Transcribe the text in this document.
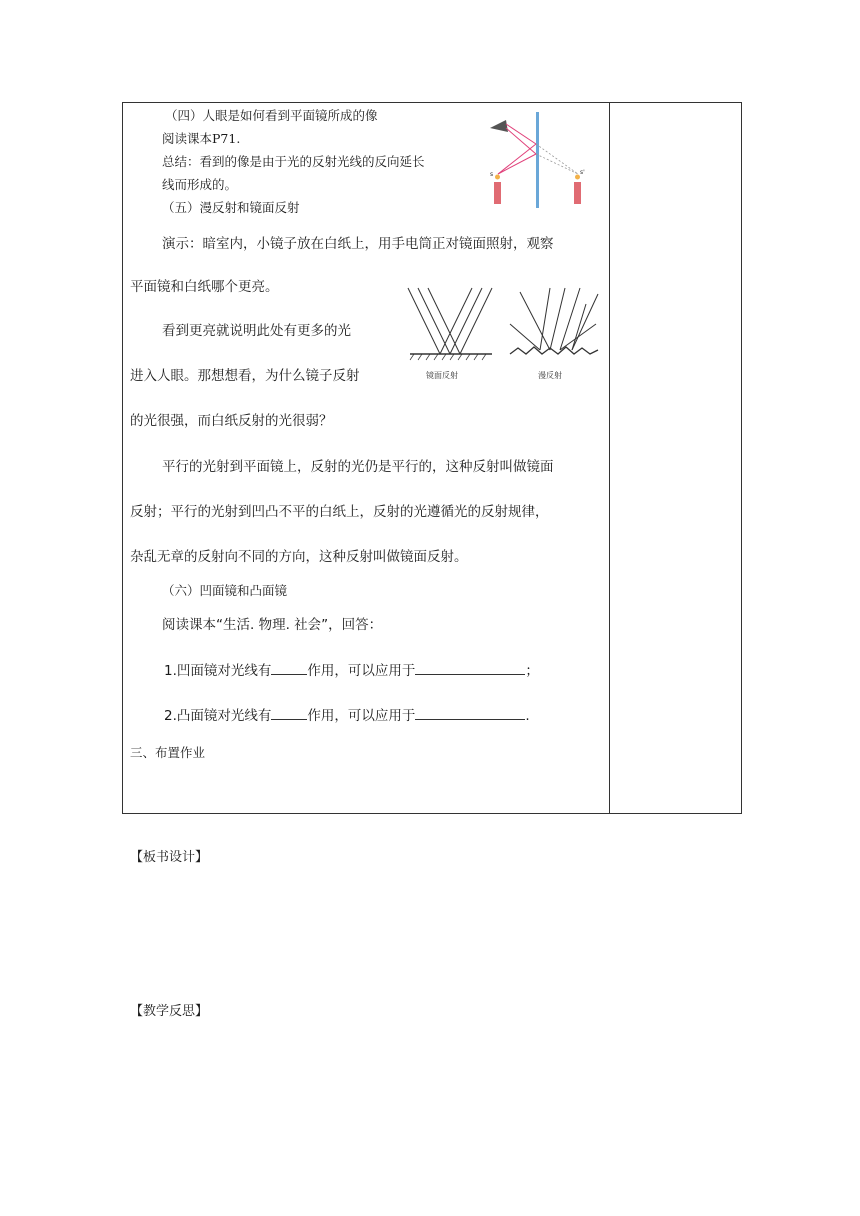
（四）人眼是如何看到平面镜所成的像
阅读课本P71.
总结：看到的像是由于光的反射光线的反向延长
线而形成的。
s	s'
（五）漫反射和镜面反射
演示：暗室内，小镜子放在白纸上，用手电筒正对镜面照射，观察
平面镜和白纸哪个更亮。
看到更亮就说明此处有更多的光
进入人眼。那想想看，为什么镜子反射
的光很强，而白纸反射的光很弱？
镜面反射	漫反射
平行的光射到平面镜上，反射的光仍是平行的，这种反射叫做镜面
反射；平行的光射到凹凸不平的白纸上，反射的光遵循光的反射规律，
杂乱无章的反射向不同的方向，这种反射叫做镜面反射。
（六）凹面镜和凸面镜
阅读课本“生活. 物理. 社会”，回答：
1.凹面镜对光线有	作用，可以应用于	；
2.凸面镜对光线有	作用，可以应用于	.
三、布置作业
【板书设计】
【教学反思】
